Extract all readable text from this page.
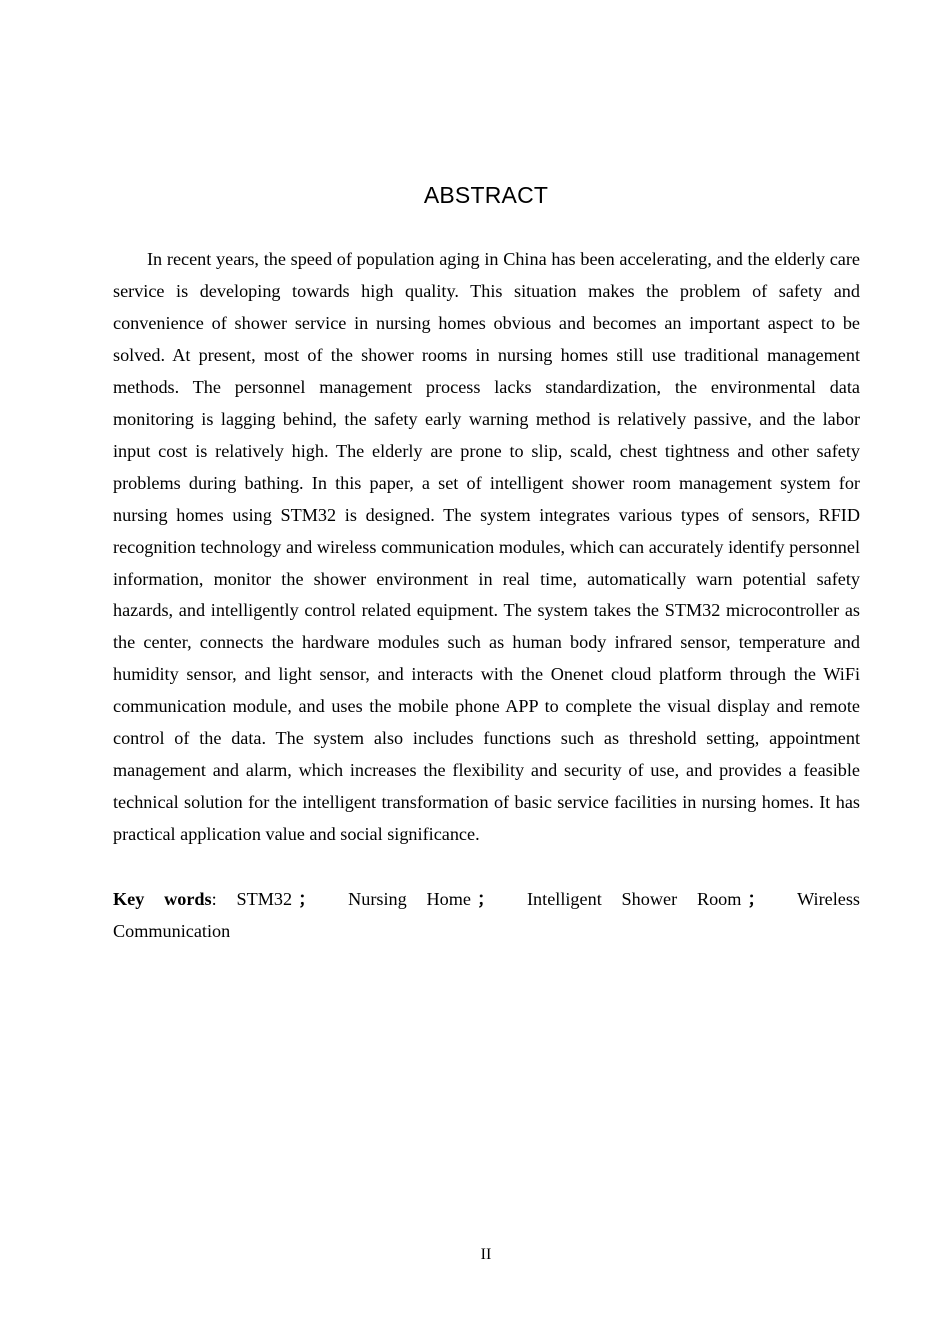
ABSTRACT

In recent years, the speed of population aging in China has been accelerating, and the elderly care service is developing towards high quality. This situation makes the problem of safety and convenience of shower service in nursing homes obvious and becomes an important aspect to be solved. At present, most of the shower rooms in nursing homes still use traditional management methods. The personnel management process lacks standardization, the environmental data monitoring is lagging behind, the safety early warning method is relatively passive, and the labor input cost is relatively high. The elderly are prone to slip, scald, chest tightness and other safety problems during bathing. In this paper, a set of intelligent shower room management system for nursing homes using STM32 is designed. The system integrates various types of sensors, RFID recognition technology and wireless communication modules, which can accurately identify personnel information, monitor the shower environment in real time, automatically warn potential safety hazards, and intelligently control related equipment. The system takes the STM32 microcontroller as the center, connects the hardware modules such as human body infrared sensor, temperature and humidity sensor, and light sensor, and interacts with the Onenet cloud platform through the WiFi communication module, and uses the mobile phone APP to complete the visual display and remote control of the data. The system also includes functions such as threshold setting, appointment management and alarm, which increases the flexibility and security of use, and provides a feasible technical solution for the intelligent transformation of basic service facilities in nursing homes. It has practical application value and social significance.

Key words: STM32 ； Nursing Home ； Intelligent Shower Room ； Wireless Communication

II
